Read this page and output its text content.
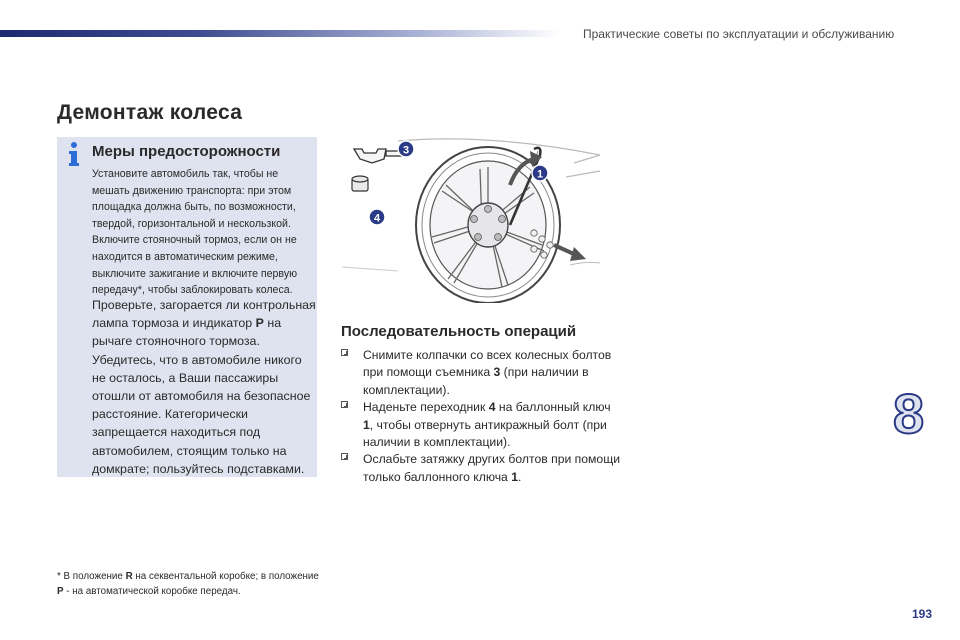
Практические советы по эксплуатации и обслуживанию
Демонтаж колеса
Меры предосторожности
Установите автомобиль так, чтобы не мешать движению транспорта: при этом площадка должна быть, по возможности, твердой, горизонтальной и нескользкой. Включите стояночный тормоз, если он не находится в автоматическим режиме, выключите зажигание и включите первую передачу*, чтобы заблокировать колеса.
Проверьте, загорается ли контрольная лампа тормоза и индикатор P на рычаге стояночного тормоза. Убедитесь, что в автомобиле никого не осталось, а Ваши пассажиры отошли от автомобиля на безопасное расстояние. Категорически запрещается находиться под автомобилем, стоящим только на домкрате; пользуйтесь подставками.
1
3
4
Последовательность операций
Снимите колпачки со всех колесных болтов при помощи съемника 3 (при наличии в комплектации).
Наденьте переходник 4 на баллонный ключ 1, чтобы отвернуть антикражный болт (при наличии в комплектации).
Ослабьте затяжку других болтов при помощи только баллонного ключа 1.
8
* В положение R на секвентальной коробке; в положение P - на автоматической коробке передач.
193
